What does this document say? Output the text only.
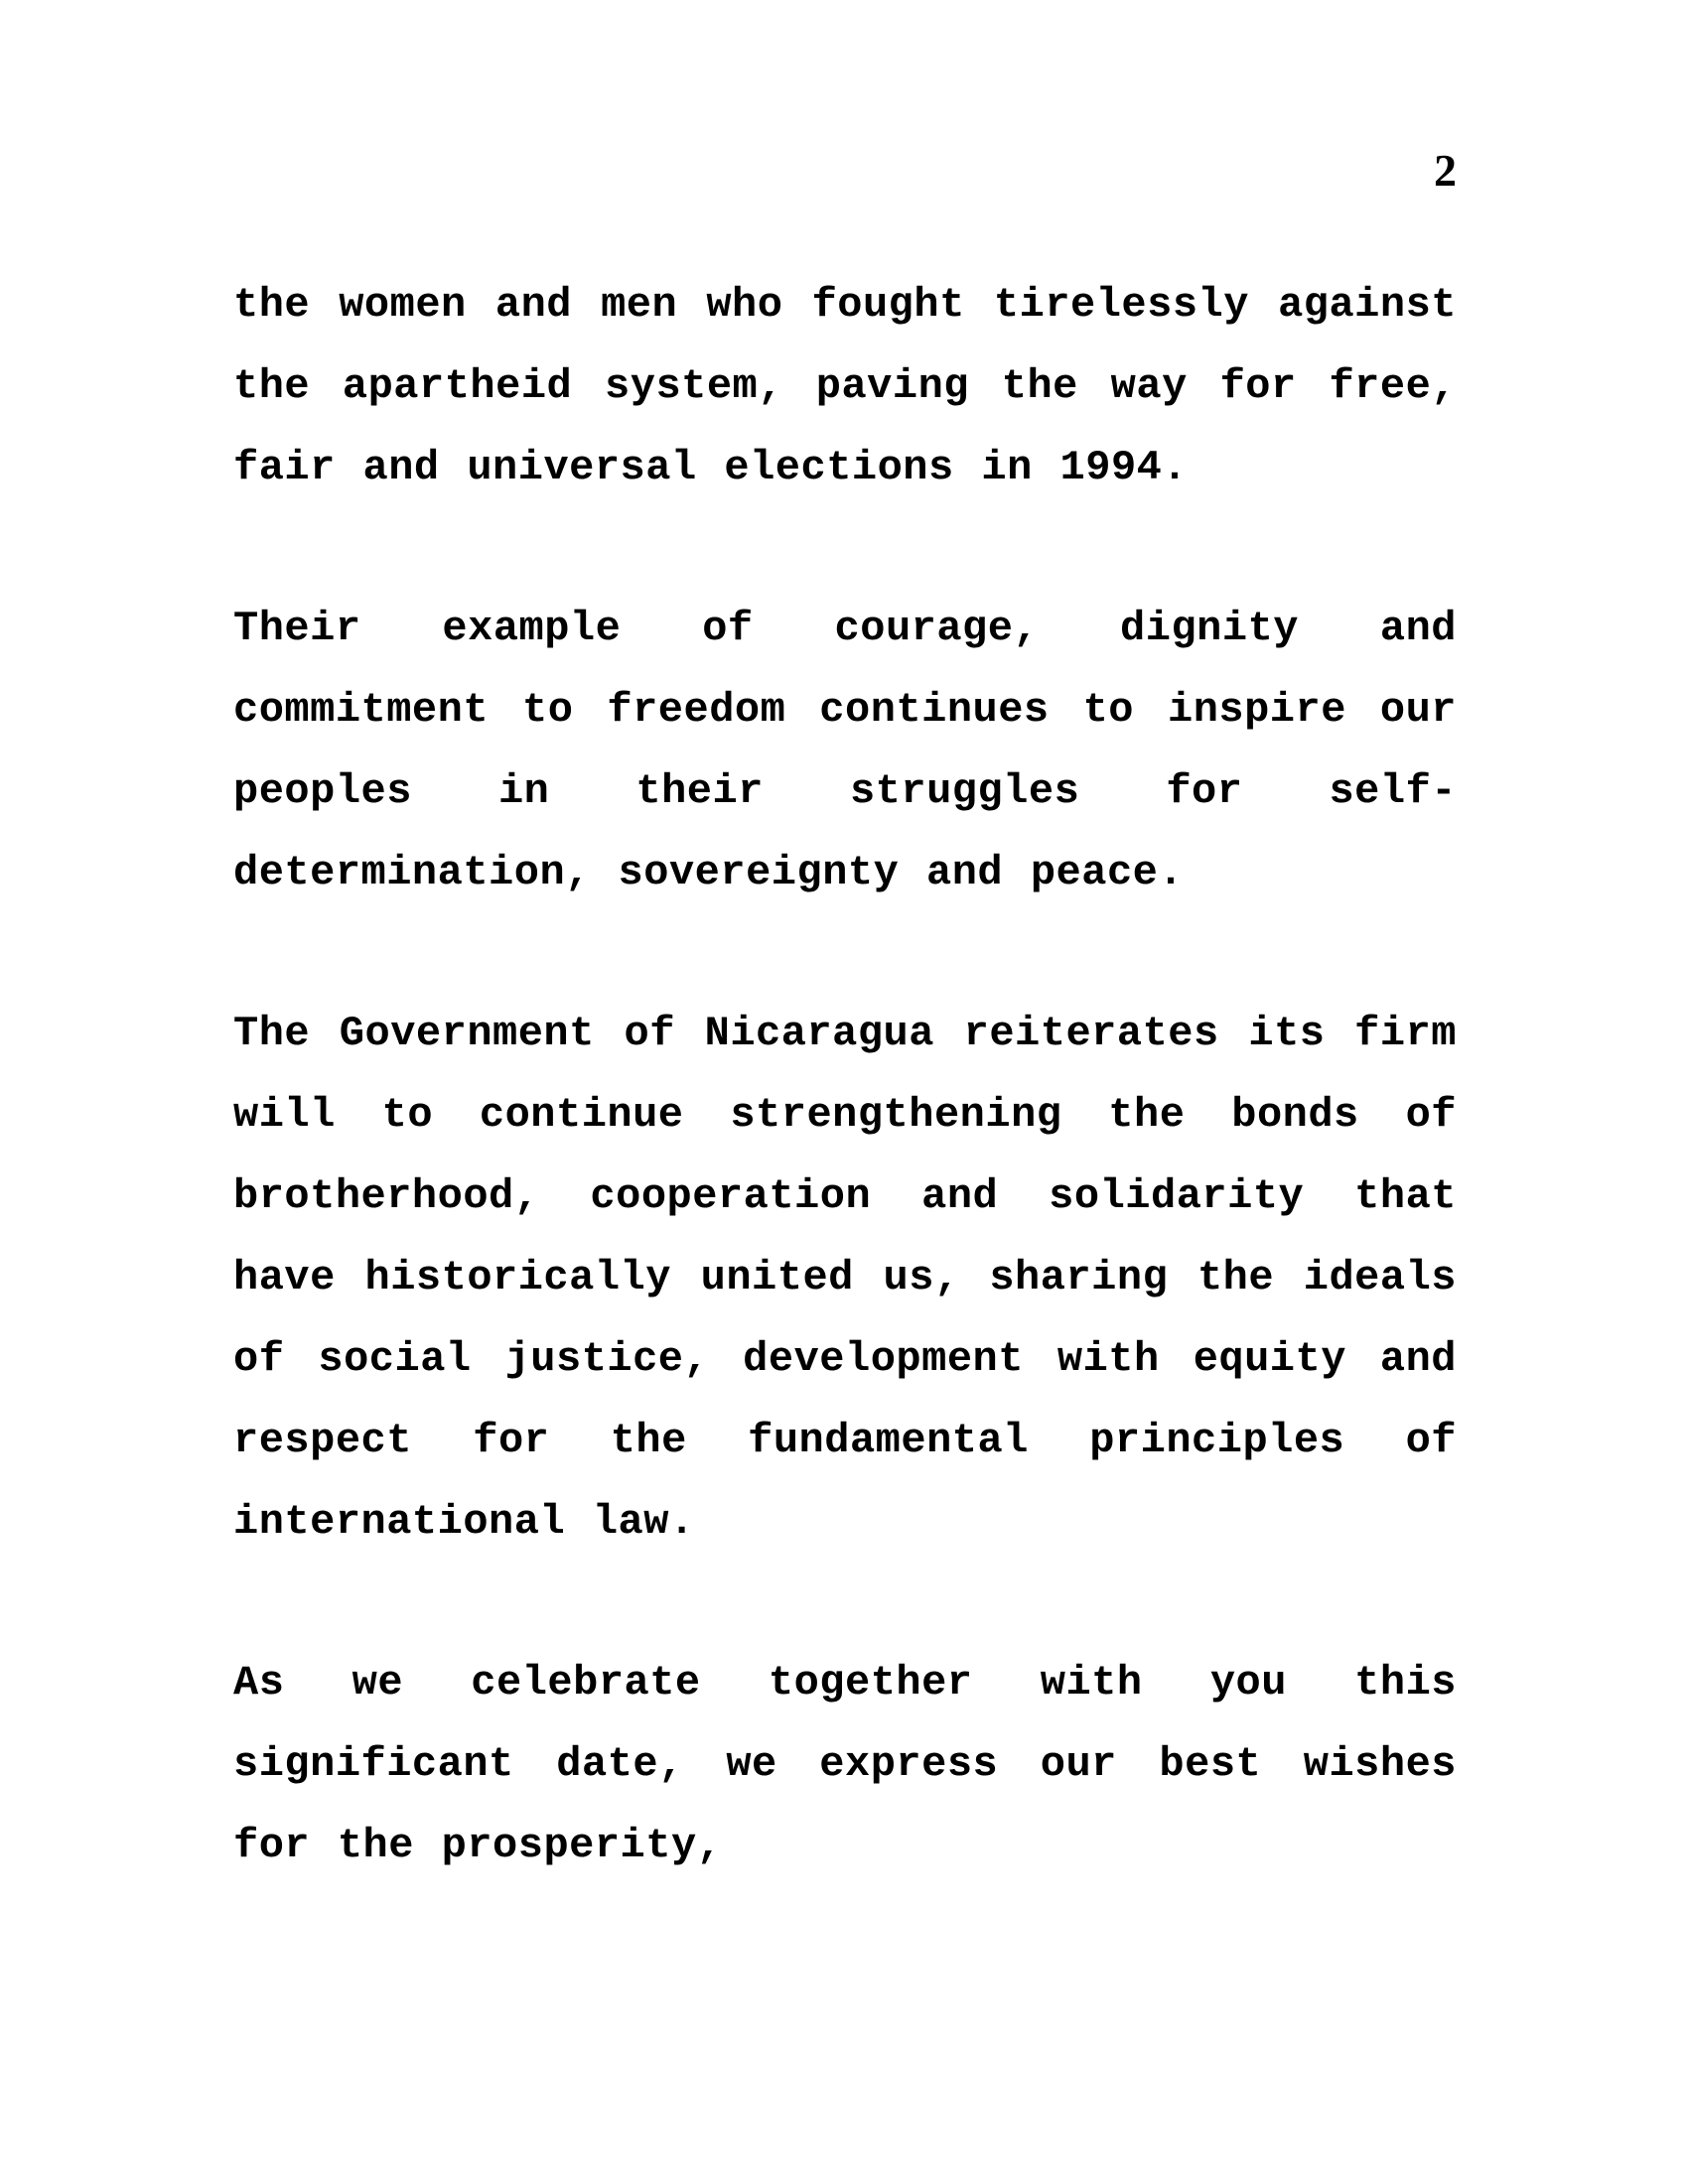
2

the women and men who fought tirelessly against the apartheid system, paving the way for free, fair and universal elections in 1994.

Their example of courage, dignity and commitment to freedom continues to inspire our peoples in their struggles for self-determination, sovereignty and peace.

The Government of Nicaragua reiterates its firm will to continue strengthening the bonds of brotherhood, cooperation and solidarity that have historically united us, sharing the ideals of social justice, development with equity and respect for the fundamental principles of international law.

As we celebrate together with you this significant date, we express our best wishes for the prosperity,
